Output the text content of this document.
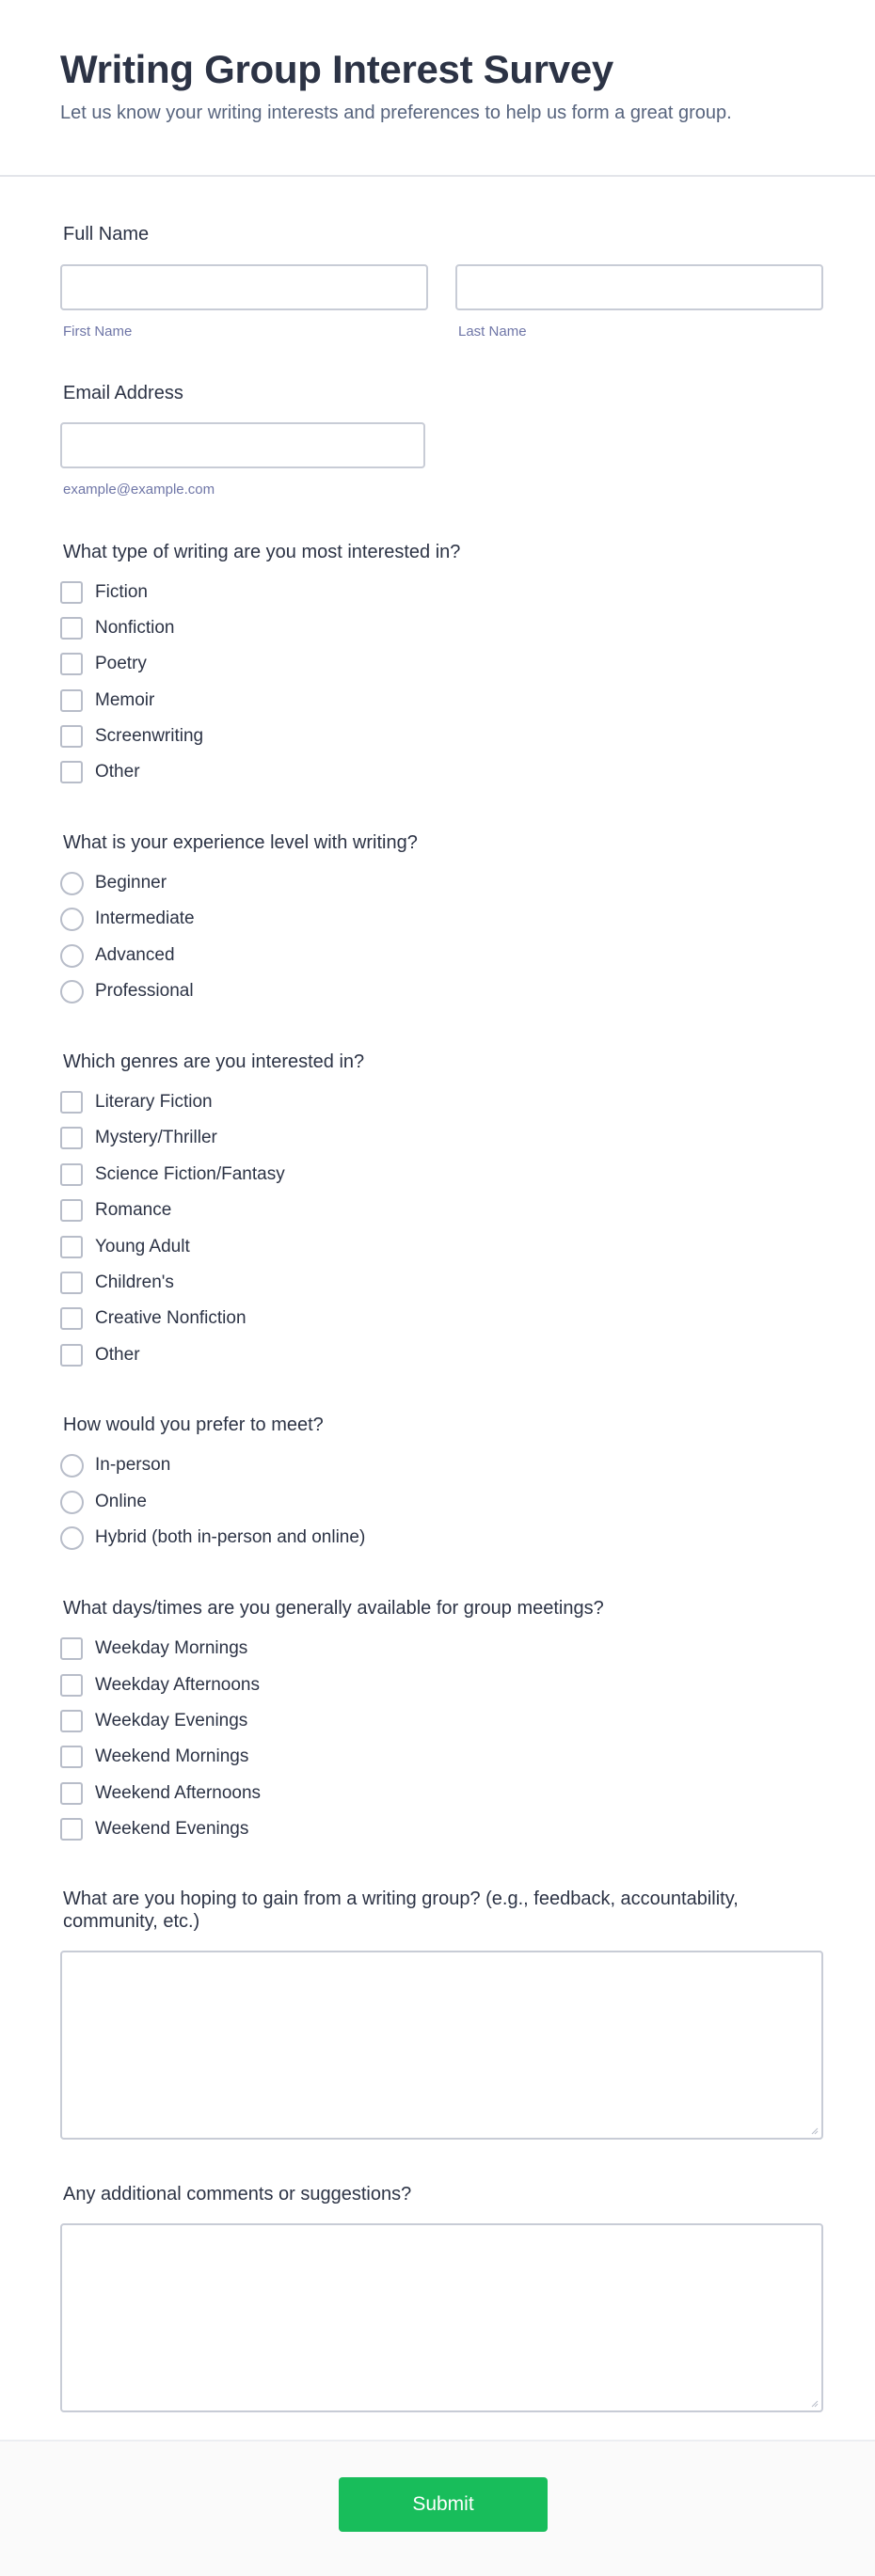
Writing Group Interest Survey
Let us know your writing interests and preferences to help us form a great group.
Full Name
First Name	Last Name
Email Address
example@example.com
What type of writing are you most interested in?
Fiction
Nonfiction
Poetry
Memoir
Screenwriting
Other
What is your experience level with writing?
Beginner
Intermediate
Advanced
Professional
Which genres are you interested in?
Literary Fiction
Mystery/Thriller
Science Fiction/Fantasy
Romance
Young Adult
Children's
Creative Nonfiction
Other
How would you prefer to meet?
In-person
Online
Hybrid (both in-person and online)
What days/times are you generally available for group meetings?
Weekday Mornings
Weekday Afternoons
Weekday Evenings
Weekend Mornings
Weekend Afternoons
Weekend Evenings
What are you hoping to gain from a writing group? (e.g., feedback, accountability,
community, etc.)
Any additional comments or suggestions?
Submit
